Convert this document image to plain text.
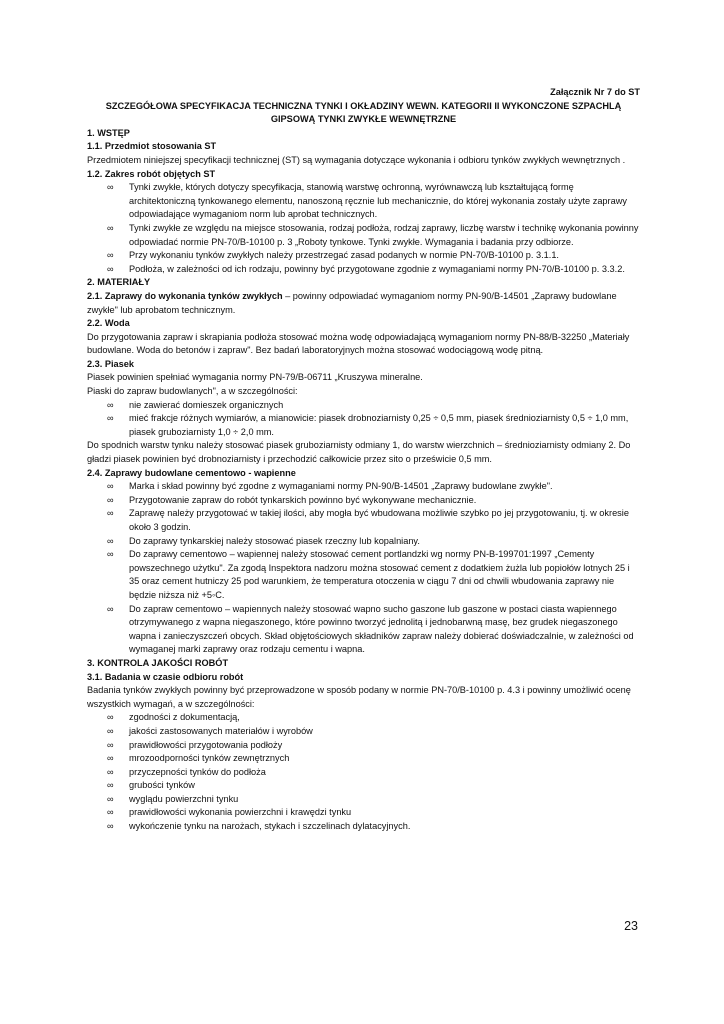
Załącznik Nr 7 do ST

SZCZEGÓŁOWA SPECYFIKACJA TECHNICZNA TYNKI I OKŁADZINY WEWN. KATEGORII II WYKONCZONE SZPACHLĄ GIPSOWĄ TYNKI ZWYKŁE WEWNĘTRZNE

1. WSTĘP

1.1. Przedmiot stosowania ST

Przedmiotem niniejszej specyfikacji technicznej (ST) są wymagania dotyczące wykonania i odbioru tynków zwykłych wewnętrznych .

1.2. Zakres robót objętych ST

∞ Tynki zwykłe, których dotyczy specyfikacja, stanowią warstwę ochronną, wyrównawczą lub kształtującą formę architektoniczną tynkowanego elementu, nanoszoną ręcznie lub mechanicznie, do której wykonania zostały użyte zaprawy odpowiadające wymaganiom norm lub aprobat technicznych.
∞ Tynki zwykłe ze względu na miejsce stosowania, rodzaj podłoża, rodzaj zaprawy, liczbę warstw i technikę wykonania powinny odpowiadać normie PN-70/B-10100 p. 3 „Roboty tynkowe. Tynki zwykłe. Wymagania i badania przy odbiorze.
∞ Przy wykonaniu tynków zwykłych należy przestrzegać zasad podanych w normie PN-70/B-10100 p. 3.1.1.
∞ Podłoża, w zależności od ich rodzaju, powinny być przygotowane zgodnie z wymaganiami normy PN-70/B-10100 p. 3.3.2.

2. MATERIAŁY

2.1. Zaprawy do wykonania tynków zwykłych – powinny odpowiadać wymaganiom normy PN-90/B-14501 „Zaprawy budowlane zwykłe" lub aprobatom technicznym.

2.2. Woda

Do przygotowania zapraw i skrapiania podłoża stosować można wodę odpowiadającą wymaganiom normy PN-88/B-32250 „Materiały budowlane. Woda do betonów i zapraw". Bez badań laboratoryjnych można stosować wodociągową wodę pitną.

2.3. Piasek

Piasek powinien spełniać wymagania normy PN-79/B-06711 „Kruszywa mineralne.

Piaski do zapraw budowlanych", a w szczególności:

∞ nie zawierać domieszek organicznych
∞ mieć frakcje różnych wymiarów, a mianowicie: piasek drobnoziarnisty 0,25 ÷ 0,5 mm, piasek średnioziarnisty 0,5 ÷ 1,0 mm, piasek gruboziarnisty 1,0 ÷ 2,0 mm.

Do spodnich warstw tynku należy stosować piasek gruboziarnisty odmiany 1, do warstw wierzchnich – średnioziarnisty odmiany 2. Do gładzi piasek powinien być drobnoziarnisty i przechodzić całkowicie przez sito o prześwicie 0,5 mm.

2.4. Zaprawy budowlane cementowo - wapienne

∞ Marka i skład powinny być zgodne z wymaganiami normy PN-90/B-14501 „Zaprawy budowlane zwykłe".
∞ Przygotowanie zapraw do robót tynkarskich powinno być wykonywane mechanicznie.
∞ Zaprawę należy przygotować w takiej ilości, aby mogła być wbudowana możliwie szybko po jej przygotowaniu, tj. w okresie około 3 godzin.
∞ Do zaprawy tynkarskiej należy stosować piasek rzeczny lub kopalniany.
∞ Do zaprawy cementowo – wapiennej należy stosować cement portlandzki wg normy PN-B-199701:1997 „Cementy powszechnego użytku". Za zgodą Inspektora nadzoru można stosować cement z dodatkiem żużla lub popiołów lotnych 25 i 35 oraz cement hutniczy 25 pod warunkiem, że temperatura otoczenia w ciągu 7 dni od chwili wbudowania zaprawy nie będzie niższa niż +5◦C.
∞ Do zapraw cementowo – wapiennych należy stosować wapno sucho gaszone lub gaszone w postaci ciasta wapiennego otrzymywanego z wapna niegaszonego, które powinno tworzyć jednolitą i jednobarwną masę, bez grudek niegaszonego wapna i zanieczyszczeń obcych. Skład objętościowych składników zapraw należy dobierać doświadczalnie, w zależności od wymaganej marki zaprawy oraz rodzaju cementu i wapna.

3. KONTROLA JAKOŚCI ROBÓT

3.1. Badania w czasie odbioru robót

Badania tynków zwykłych powinny być przeprowadzone w sposób podany w normie PN-70/B-10100 p. 4.3 i powinny umożliwić ocenę wszystkich wymagań, a w szczególności:

∞ zgodności z dokumentacją,
∞ jakości zastosowanych materiałów i wyrobów
∞ prawidłowości przygotowania podłoży
∞ mrozoodporności tynków zewnętrznych
∞ przyczepności tynków do podłoża
∞ grubości tynków
∞ wyglądu powierzchni tynku
∞ prawidłowości wykonania powierzchni i krawędzi tynku
∞ wykończenie tynku na narożach, stykach i szczelinach dylatacyjnych.
23
